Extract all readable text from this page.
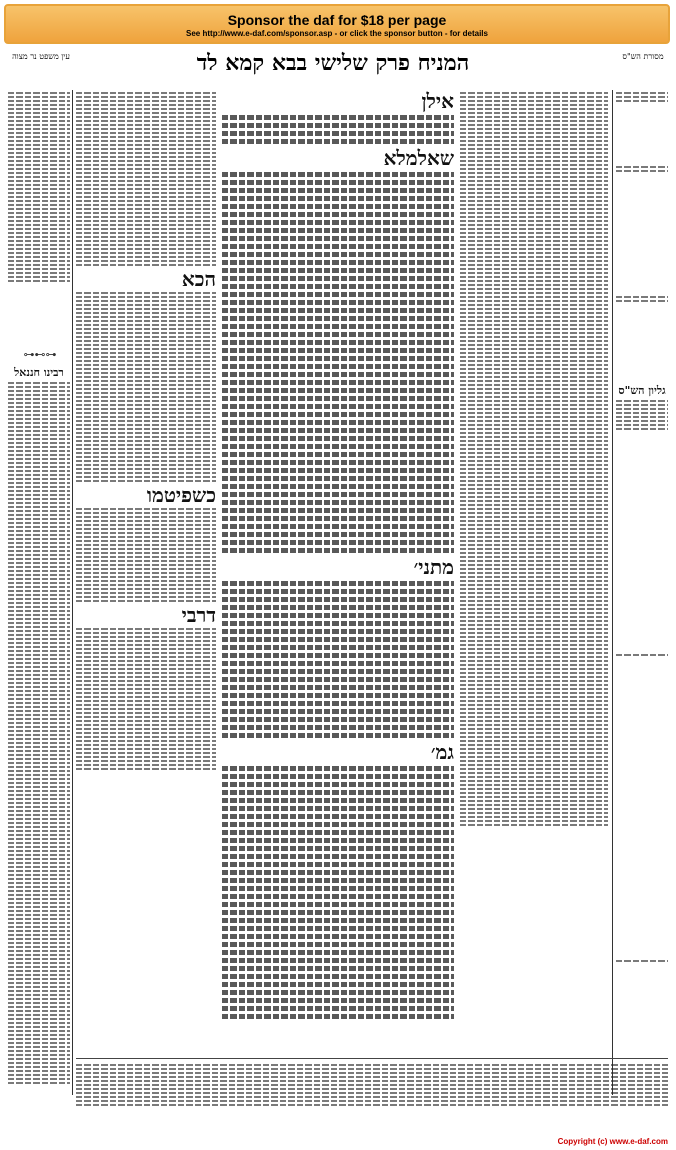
Sponsor the daf for $18 per page
See http://www.e-daf.com/sponsor.asp - or click the sponsor button - for details
עין משפט נר מצוה	המניח פרק שלישי בבא קמא לד	מסורת הש"ס
⊶⊷⊶
רבינו חננאל
הכא
כשפיטמו
דרבי
אילן
שאלמלא
מתני׳
גמ׳
גליון הש"ס
Copyright (c) www.e-daf.com
